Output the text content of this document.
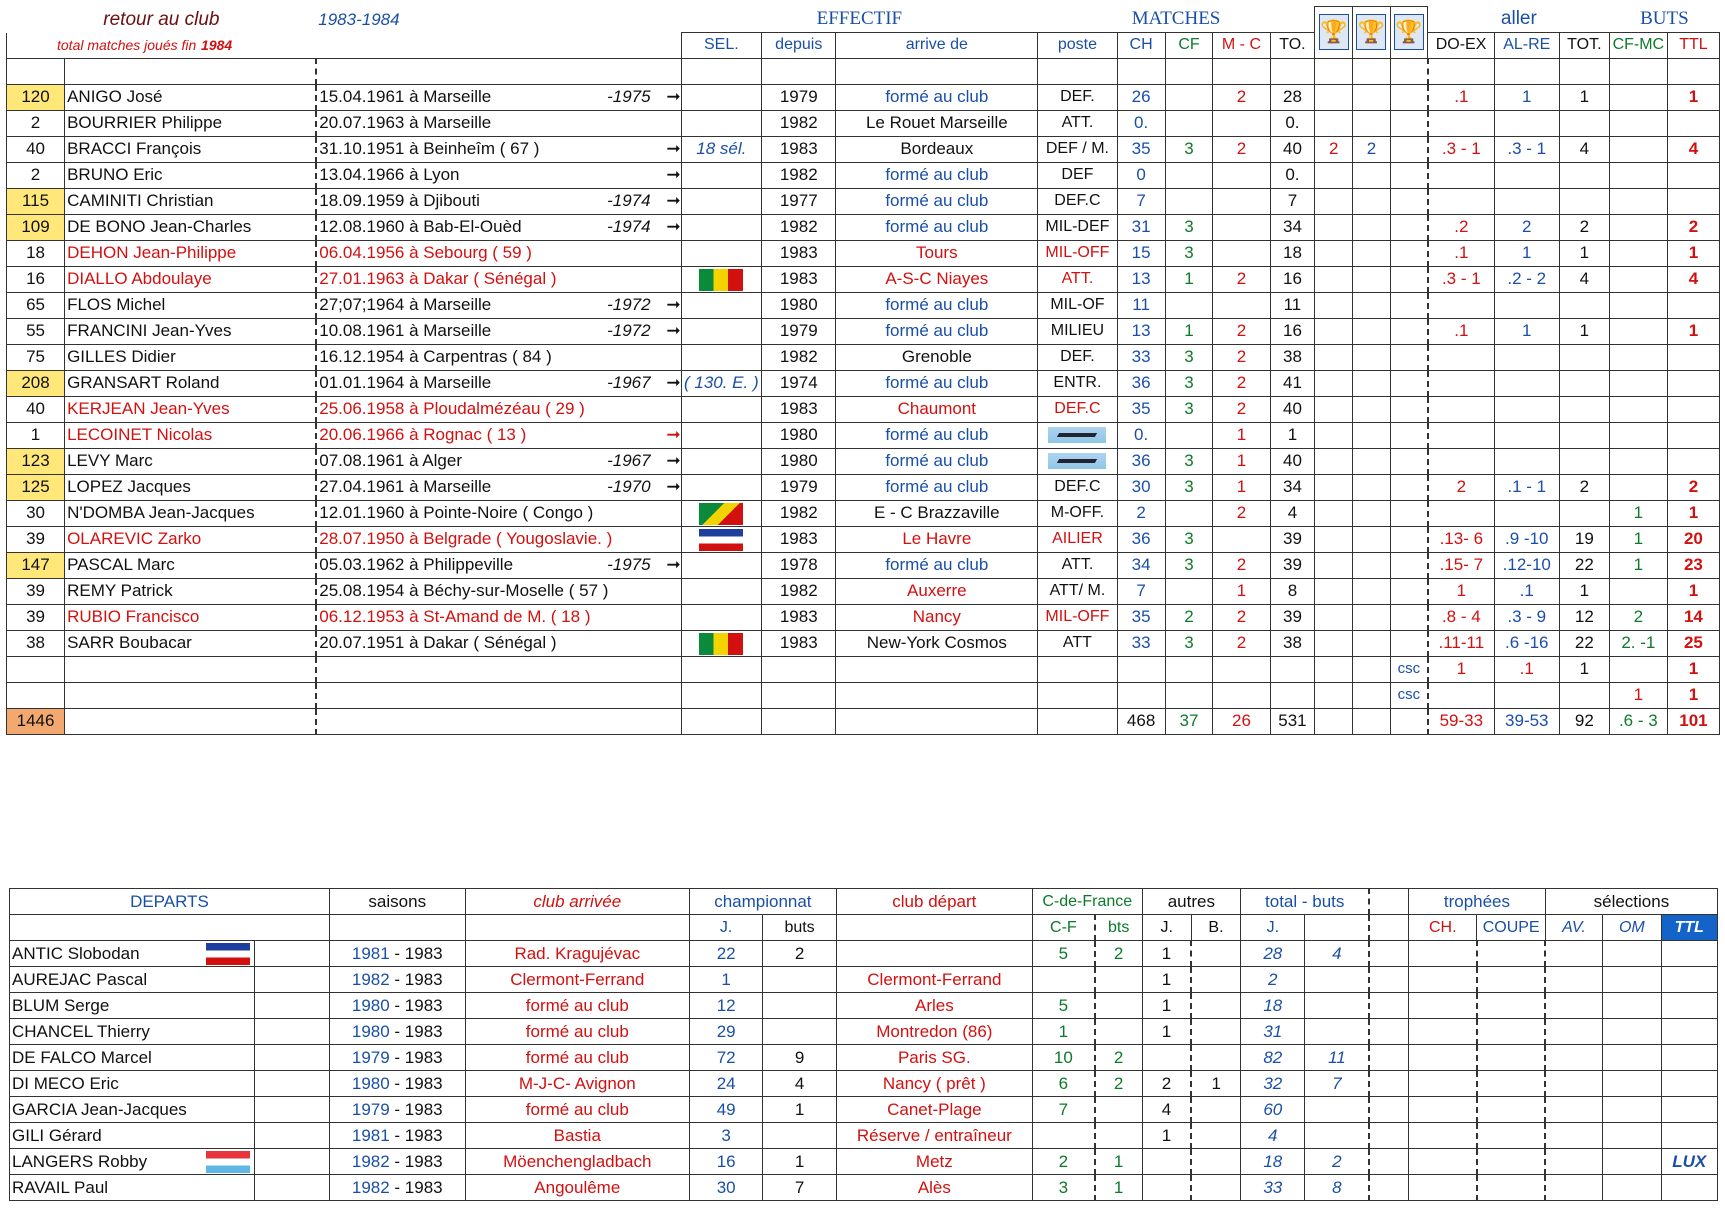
retour au club		1983-1984	EFFECTIF			MATCHES					🏆	🏆	🏆	aller			BUTS	
total matches joués fin 1984			SEL.	depuis	arrive de	poste	CH	CF	M - C	TO.				DO-EX	AL-RE	TOT.	CF-MC	TTL

120	ANIGO José	15.04.1961 à Marseille -1975 ➞		1979	formé au club	DEF.	26		2	28				.1	1	1		1
2	BOURRIER Philippe	20.07.1963 à Marseille		1982	Le Rouet Marseille	ATT.	0.			0.								
40	BRACCI François	31.10.1951 à Beinheîm ( 67 ) ➞	18 sél.	1983	Bordeaux	DEF / M.	35	3	2	40	2	2		.3 - 1	.3 - 1	4		4
2	BRUNO Eric	13.04.1966 à Lyon ➞		1982	formé au club	DEF	0			0.								
115	CAMINITI Christian	18.09.1959 à Djibouti -1974 ➞		1977	formé au club	DEF.C	7			7								
109	DE BONO Jean-Charles	12.08.1960 à Bab-El-Ouèd -1974 ➞		1982	formé au club	MIL-DEF	31	3		34				.2	2	2		2
18	DEHON Jean-Philippe	06.04.1956 à Sebourg ( 59 )		1983	Tours	MIL-OFF	15	3		18				.1	1	1		1
16	DIALLO Abdoulaye	27.01.1963 à Dakar ( Sénégal )		1983	A-S-C Niayes	ATT.	13	1	2	16				.3 - 1	.2 - 2	4		4
65	FLOS Michel	27;07;1964 à Marseille -1972 ➞		1980	formé au club	MIL-OF	11			11								
55	FRANCINI Jean-Yves	10.08.1961 à Marseille -1972 ➞		1979	formé au club	MILIEU	13	1	2	16				.1	1	1		1
75	GILLES Didier	16.12.1954 à Carpentras ( 84 )		1982	Grenoble	DEF.	33	3	2	38								
208	GRANSART Roland	01.01.1964 à Marseille -1967 ➞	( 130. E. )	1974	formé au club	ENTR.	36	3	2	41								
40	KERJEAN Jean-Yves	25.06.1958 à Ploudalmézéau ( 29 )		1983	Chaumont	DEF.C	35	3	2	40								
1	LECOINET Nicolas	20.06.1966 à Rognac ( 13 ) ➞		1980	formé au club		0.		1	1								
123	LEVY Marc	07.08.1961 à Alger -1967 ➞		1980	formé au club		36	3	1	40								
125	LOPEZ Jacques	27.04.1961 à Marseille -1970 ➞		1979	formé au club	DEF.C	30	3	1	34				2	.1 - 1	2		2
30	N'DOMBA Jean-Jacques	12.01.1960 à Pointe-Noire ( Congo )		1982	E - C Brazzaville	M-OFF.	2		2	4							1	1
39	OLAREVIC Zarko	28.07.1950 à Belgrade ( Yougoslavie. )		1983	Le Havre	AILIER	36	3		39				.13- 6	.9 -10	19	1	20
147	PASCAL Marc	05.03.1962 à Philippeville -1975 ➞		1978	formé au club	ATT.	34	3	2	39				.15- 7	.12-10	22	1	23
39	REMY Patrick	25.08.1954 à Béchy-sur-Moselle ( 57 )		1982	Auxerre	ATT/ M.	7		1	8				1	.1	1		1
39	RUBIO Francisco	06.12.1953 à St-Amand de M. ( 18 )		1983	Nancy	MIL-OFF	35	2	2	39				.8 - 4	.3 - 9	12	2	14
38	SARR Boubacar	20.07.1951 à Dakar ( Sénégal )		1983	New-York Cosmos	ATT	33	3	2	38				.11-11	.6 -16	22	2. -1	25
													csc	1	.1	1		1
													csc				1	1
1446							468	37	26	531				59-33	39-53	92	.6 - 3	101
DEPARTS		saisons	club arrivée	championnat		club départ	C-de-France		autres		total - buts			trophées		sélections		
				J.	buts		C-F	bts	J.	B.	J.			CH.	COUPE	AV.	OM	TTL
ANTIC Slobodan		1981 - 1983	Rad. Kragujévac	22	2		5	2	1		28	4						
AUREJAC Pascal		1982 - 1983	Clermont-Ferrand	1		Clermont-Ferrand			1		2							
BLUM Serge		1980 - 1983	formé au club	12		Arles	5		1		18							
CHANCEL Thierry		1980 - 1983	formé au club	29		Montredon (86)	1		1		31							
DE FALCO Marcel		1979 - 1983	formé au club	72	9	Paris SG.	10	2			82	11						
DI MECO Eric		1980 - 1983	M-J-C- Avignon	24	4	Nancy ( prêt )	6	2	2	1	32	7						
GARCIA Jean-Jacques		1979 - 1983	formé au club	49	1	Canet-Plage	7		4		60							
GILI Gérard		1981 - 1983	Bastia	3		Réserve / entraîneur			1		4							
LANGERS Robby		1982 - 1983	Möenchengladbach	16	1	Metz	2	1			18	2						LUX
RAVAIL Paul		1982 - 1983	Angoulême	30	7	Alès	3	1			33	8						
